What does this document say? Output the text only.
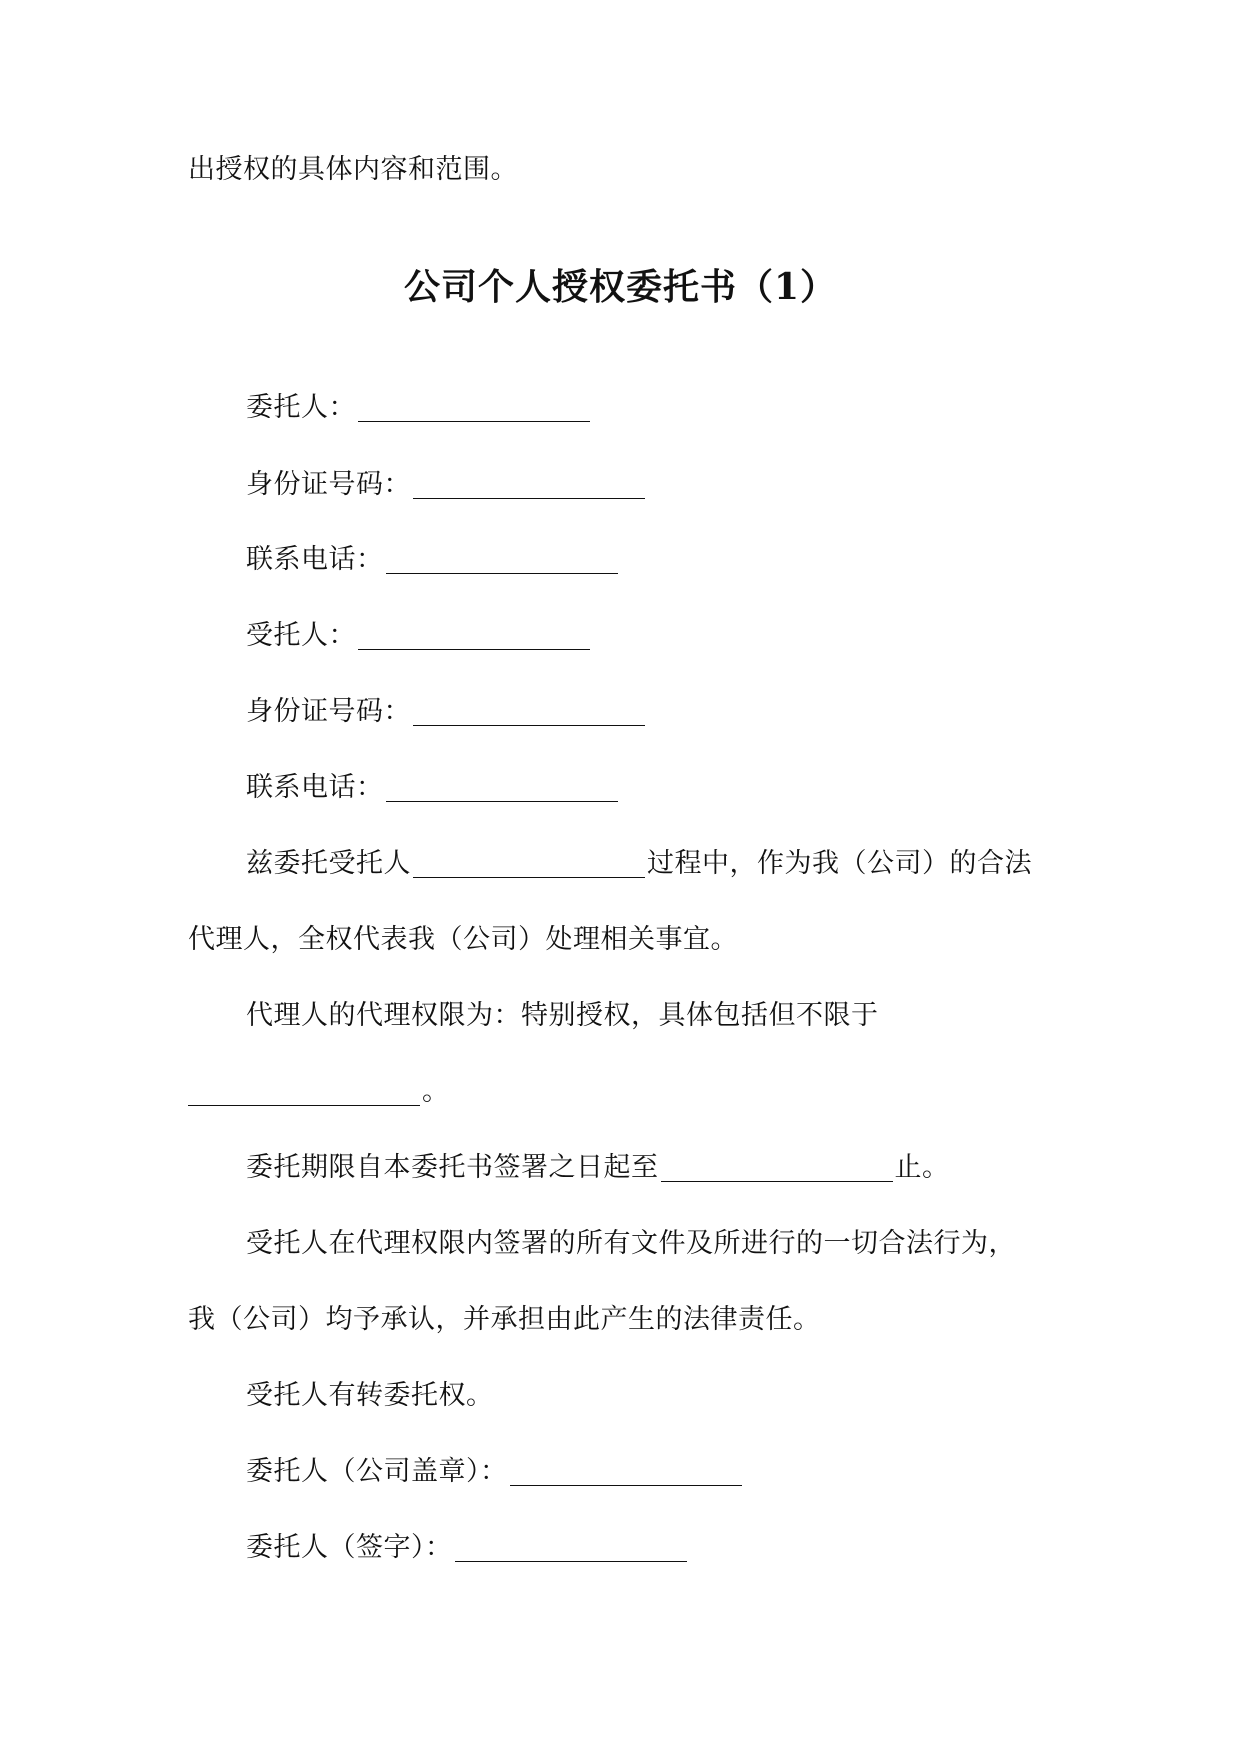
出授权的具体内容和范围。
公司个人授权委托书（1）
委托人：
身份证号码：
联系电话：
受托人：
身份证号码：
联系电话：
兹委托受托人	过程中，作为我（公司）的合法
代理人，全权代表我（公司）处理相关事宜。
代理人的代理权限为：特别授权，具体包括但不限于
。
委托期限自本委托书签署之日起至	止。
受托人在代理权限内签署的所有文件及所进行的一切合法行为，
我（公司）均予承认，并承担由此产生的法律责任。
受托人有转委托权。
委托人（公司盖章）：
委托人（签字）：
